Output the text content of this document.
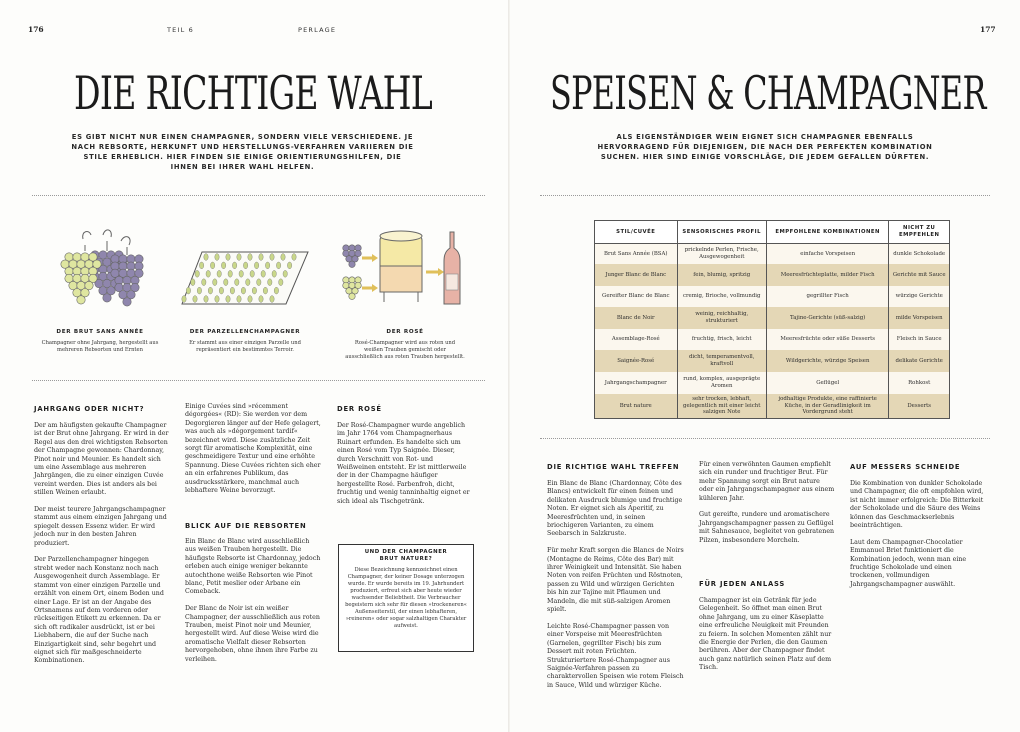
176	TEIL 6	PERLAGE
DIE RICHTIGE WAHL
ES GIBT NICHT NUR EINEN CHAMPAGNER, SONDERN VIELE VERSCHIEDENE. JE NACH REBSORTE, HERKUNFT UND HERSTELLUNGS-VERFAHREN VARIIEREN DIE STILE ERHEBLICH. HIER FINDEN SIE EINIGE ORIENTIERUNGSHILFEN, DIE IHNEN BEI IHRER WAHL HELFEN.
DER BRUT SANS ANNÉE
Champagner ohne Jahrgang, hergestellt aus mehreren Rebsorten und Ernten
DER PARZELLENCHAMPAGNER
Er stammt aus einer einzigen Parzelle und repräsentiert ein bestimmtes Terroir.
DER ROSÉ
Rosé-Champagner wird aus roten und weißen Trauben gemischt oder ausschließlich aus roten Trauben hergestellt.
JAHRGANG ODER NICHT?

Der am häufigsten gekaufte Champagner ist der Brut ohne Jahrgang. Er wird in der Regel aus den drei wichtigsten Rebsorten der Champagne gewonnen: Chardonnay, Pinot noir und Meunier. Es handelt sich um eine Assemblage aus mehreren Jahrgängen, die zu einer einzigen Cuvée vereint werden. Dies ist anders als bei stillen Weinen erlaubt.

Der meist teurere Jahrgangschampagner stammt aus einem einzigen Jahrgang und spiegelt dessen Essenz wider. Er wird jedoch nur in den besten Jahren produziert.

Der Parzellenchampagner hingegen strebt weder nach Konstanz noch nach Ausgewogenheit durch Assemblage. Er stammt von einer einzigen Parzelle und erzählt von einem Ort, einem Boden und einer Lage. Er ist an der Angabe des Ortsnamens auf dem vorderen oder rückseitigen Etikett zu erkennen. Da er sich oft radikaler ausdrückt, ist er bei Liebhabern, die auf der Suche nach Einzigartigkeit sind, sehr begehrt und eignet sich für maßgeschneiderte Kombinationen.

Einige Cuvées sind »récemment dégorgées« (RD): Sie werden vor dem Degorgieren länger auf der Hefe gelagert, was auch als »dégorgement tardif« bezeichnet wird. Diese zusätzliche Zeit sorgt für aromatische Komplexität, eine geschmeidigere Textur und eine erhöhte Spannung. Diese Cuvées richten sich eher an ein erfahrenes Publikum, das ausdrucksstärkere, manchmal auch lebhaftere Weine bevorzugt.

BLICK AUF DIE REBSORTEN

Ein Blanc de Blanc wird ausschließlich aus weißen Trauben hergestellt. Die häufigste Rebsorte ist Chardonnay, jedoch erleben auch einige weniger bekannte autochthone weiße Rebsorten wie Pinot blanc, Petit meslier oder Arbane ein Comeback.

Der Blanc de Noir ist ein weißer Champagner, der ausschließlich aus roten Trauben, meist Pinot noir und Meunier, hergestellt wird. Auf diese Weise wird die aromatische Vielfalt dieser Rebsorten hervorgehoben, ohne ihnen ihre Farbe zu verleihen.

DER ROSÉ

Der Rosé-Champagner wurde angeblich im Jahr 1764 vom Champagnerhaus Ruinart erfunden. Es handelte sich um einen Rosé vom Typ Saignée. Dieser, durch Verschnitt von Rot- und Weißweinen entsteht. Er ist mittlerweile der in der Champagne häufiger hergestellte Rosé. Farbenfroh, dicht, fruchtig und wenig tanninhaltig eignet er sich ideal als Tischgetränk.

UND DER CHAMPAGNER BRUT NATURE?
Diese Bezeichnung kennzeichnet einen Champagner, der keiner Dosage unterzogen wurde. Er wurde bereits im 19. Jahrhundert produziert, erfreut sich aber heute wieder wachsender Beliebtheit. Die Verbraucher begeistern sich sehr für diesen »trockeneren« Außenseiterstil, der einen lebhafteren, »reineren« oder sogar salzhaltigen Charakter aufweist.
177
SPEISEN & CHAMPAGNER
ALS EIGENSTÄNDIGER WEIN EIGNET SICH CHAMPAGNER EBENFALLS HERVORRAGEND FÜR DIEJENIGEN, DIE NACH DER PERFEKTEN KOMBINATION SUCHEN. HIER SIND EINIGE VORSCHLÄGE, DIE JEDEM GEFALLEN DÜRFTEN.
STIL/CUVÉE	SENSORISCHES PROFIL	EMPFOHLENE KOMBINATIONEN	NICHT ZU EMPFEHLEN
Brut Sans Année (BSA)	prickelnde Perlen, Frische, Ausgewogenheit	einfache Vorspeisen	dunkle Schokolade
Junger Blanc de Blanc	fein, blumig, spritzig	Meeresfrüchteplatte, milder Fisch	Gerichte mit Sauce
Gereifter Blanc de Blanc	cremig, Brioche, vollmundig	gegrillter Fisch	würzige Gerichte
Blanc de Noir	weinig, reichhaltig, strukturiert	Tajine-Gerichte (süß-salzig)	milde Vorspeisen
Assemblage-Rosé	fruchtig, frisch, leicht	Meeresfrüchte oder süße Desserts	Fleisch in Sauce
Saignée-Rosé	dicht, temperamentvoll, kraftvoll	Wildgerichte, würzige Speisen	delikate Gerichte
Jahrgangschampagner	rund, komplex, ausgeprägte Aromen	Geflügel	Rohkost
Brut nature	sehr trocken, lebhaft, gelegentlich mit einer leicht salzigen Note	jodhaltige Produkte, eine raffinierte Küche, in der Geradlinigkeit im Vordergrund steht	Desserts
DIE RICHTIGE WAHL TREFFEN

Ein Blanc de Blanc (Chardonnay, Côte des Blancs) entwickelt für einen feinen und delikaten Ausdruck blumige und fruchtige Noten. Er eignet sich als Aperitif, zu Meeresfrüchten und, in seinen briochigeren Varianten, zu einem Seebarsch in Salzkruste.

Für mehr Kraft sorgen die Blancs de Noirs (Montagne de Reims, Côte des Bar) mit ihrer Weinigkeit und Intensität. Sie haben Noten von reifen Früchten und Röstnoten, passen zu Wild und würzigen Gerichten bis hin zur Tajine mit Pflaumen und Mandeln, die mit süß-salzigen Aromen spielt.

Leichte Rosé-Champagner passen von einer Vorspeise mit Meeresfrüchten (Garnelen, gegrillter Fisch) bis zum Dessert mit roten Früchten. Strukturiertere Rosé-Champagner aus Saignée-Verfahren passen zu charaktervollen Speisen wie rotem Fleisch in Sauce, Wild und würziger Küche.

Für einen verwöhnten Gaumen empfiehlt sich ein runder und fruchtiger Brut. Für mehr Spannung sorgt ein Brut nature oder ein Jahrgangschampagner aus einem kühleren Jahr.

Gut gereifte, rundere und aromatischere Jahrgangschampagner passen zu Geflügel mit Sahnesauce, begleitet von gebratenen Pilzen, insbesondere Morcheln.

FÜR JEDEN ANLASS

Champagner ist ein Getränk für jede Gelegenheit. So öffnet man einen Brut ohne Jahrgang, um zu einer Käseplatte eine erfreuliche Neuigkeit mit Freunden zu feiern. In solchen Momenten zählt nur die Energie der Perlen, die den Gaumen berühren. Aber der Champagner findet auch ganz natürlich seinen Platz auf dem Tisch.

AUF MESSERS SCHNEIDE

Die Kombination von dunkler Schokolade und Champagner, die oft empfohlen wird, ist nicht immer erfolgreich: Die Bitterkeit der Schokolade und die Säure des Weins können das Geschmackserlebnis beeinträchtigen.

Laut dem Champagner-Chocolatier Emmanuel Briet funktioniert die Kombination jedoch, wenn man eine fruchtige Schokolade und einen trockenen, vollmundigen Jahrgangschampagner auswählt.
